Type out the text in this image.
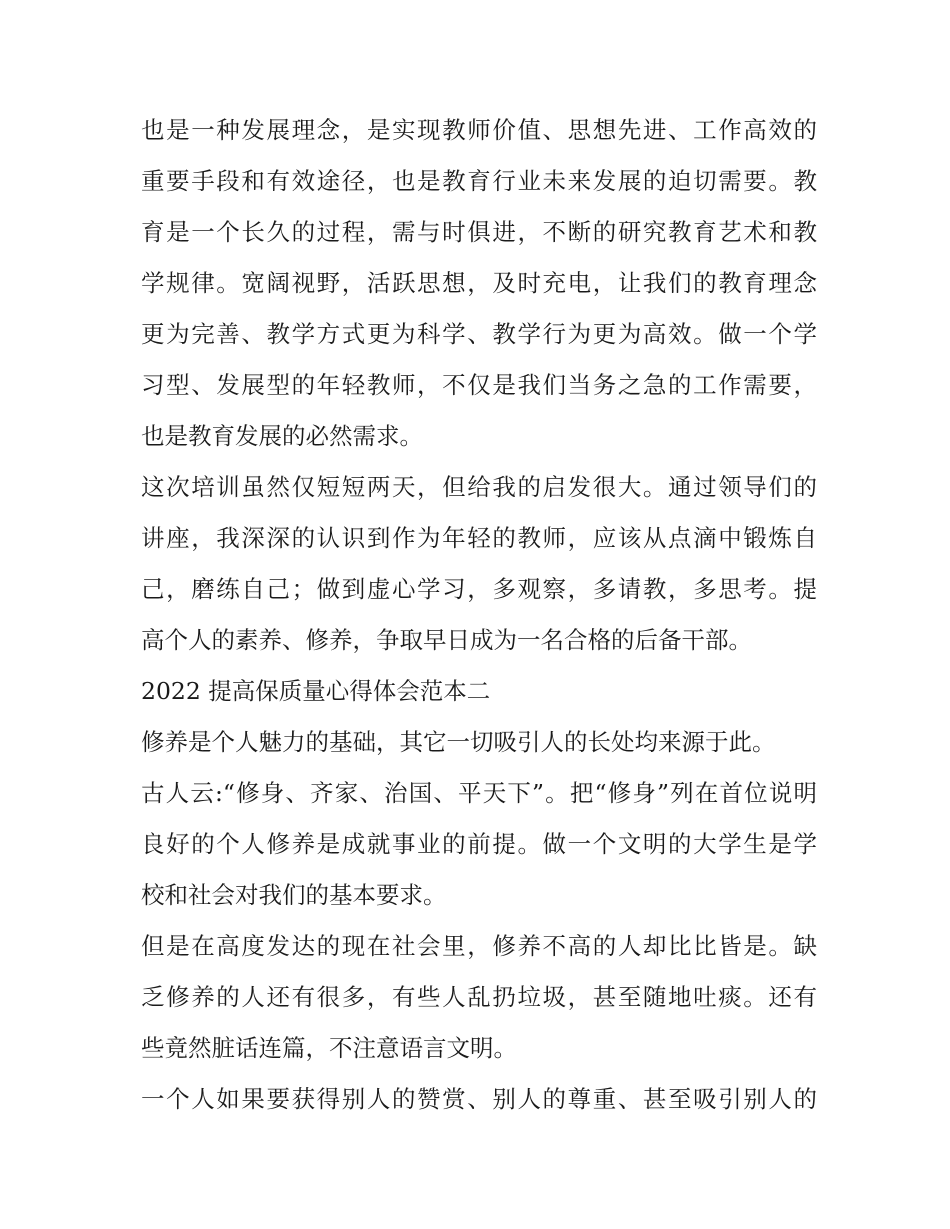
也是一种发展理念，是实现教师价值、思想先进、工作高效的
重要手段和有效途径，也是教育行业未来发展的迫切需要。教
育是一个长久的过程，需与时俱进，不断的研究教育艺术和教
学规律。宽阔视野，活跃思想，及时充电，让我们的教育理念
更为完善、教学方式更为科学、教学行为更为高效。做一个学
习型、发展型的年轻教师，不仅是我们当务之急的工作需要，
也是教育发展的必然需求。
这次培训虽然仅短短两天，但给我的启发很大。通过领导们的
讲座，我深深的认识到作为年轻的教师，应该从点滴中锻炼自
己，磨练自己；做到虚心学习，多观察，多请教，多思考。提
高个人的素养、修养，争取早日成为一名合格的后备干部。
2022 提高保质量心得体会范本二
修养是个人魅力的基础，其它一切吸引人的长处均来源于此。
古人云:“修身、齐家、治国、平天下”。把“修身”列在首位说明
良好的个人修养是成就事业的前提。做一个文明的大学生是学
校和社会对我们的基本要求。
但是在高度发达的现在社会里，修养不高的人却比比皆是。缺
乏修养的人还有很多，有些人乱扔垃圾，甚至随地吐痰。还有
些竟然脏话连篇，不注意语言文明。
一个人如果要获得别人的赞赏、别人的尊重、甚至吸引别人的
